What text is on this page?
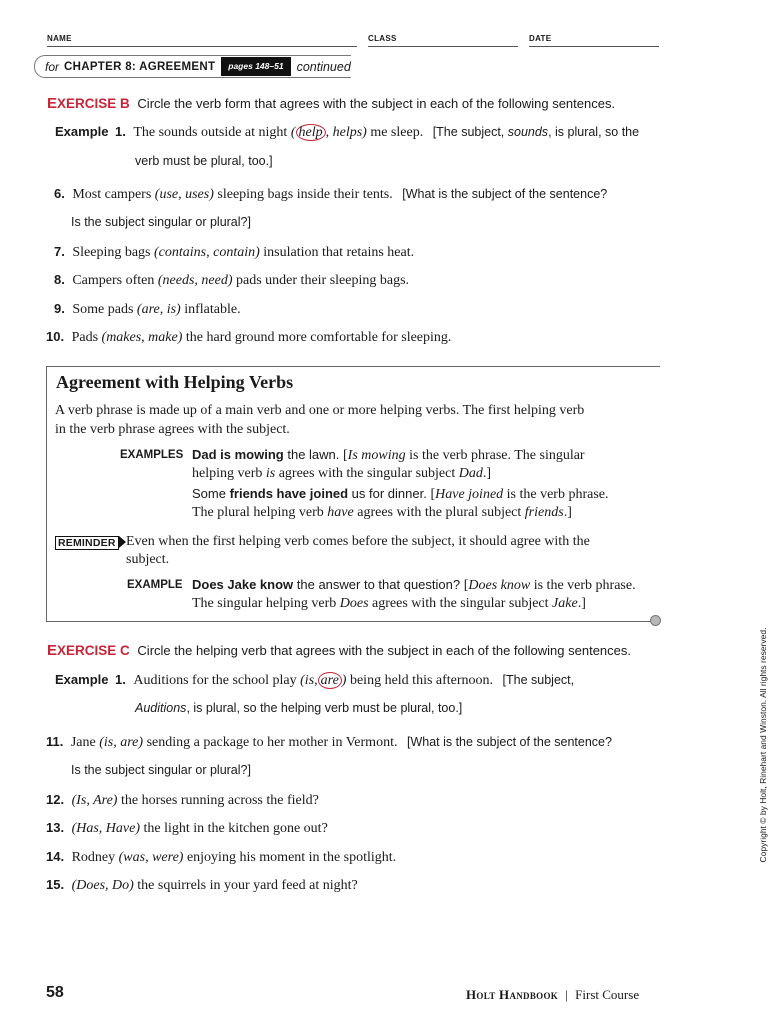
NAME	CLASS	DATE
for CHAPTER 8: AGREEMENT	pages 148–51	continued
EXERCISE B Circle the verb form that agrees with the subject in each of the following sentences.
Example 1. The sounds outside at night ( help , helps) me sleep. [The subject, sounds, is plural, so the
verb must be plural, too.]
6. Most campers (use, uses) sleeping bags inside their tents. [What is the subject of the sentence?
Is the subject singular or plural?]
7. Sleeping bags (contains, contain) insulation that retains heat.
8. Campers often (needs, need) pads under their sleeping bags.
9. Some pads (are, is) inflatable.
10. Pads (makes, make) the hard ground more comfortable for sleeping.
Agreement with Helping Verbs
A verb phrase is made up of a main verb and one or more helping verbs. The first helping verb
in the verb phrase agrees with the subject.
EXAMPLES Dad is mowing the lawn. [Is mowing is the verb phrase. The singular
helping verb is agrees with the singular subject Dad.]
Some friends have joined us for dinner. [Have joined is the verb phrase.
The plural helping verb have agrees with the plural subject friends.]
REMINDER Even when the first helping verb comes before the subject, it should agree with the
subject.
EXAMPLE Does Jake know the answer to that question? [Does know is the verb phrase.
The singular helping verb Does agrees with the singular subject Jake.]
EXERCISE C Circle the helping verb that agrees with the subject in each of the following sentences.
Example 1. Auditions for the school play (is, are ) being held this afternoon. [The subject,
Auditions, is plural, so the helping verb must be plural, too.]
11. Jane (is, are) sending a package to her mother in Vermont. [What is the subject of the sentence?
Is the subject singular or plural?]
12. (Is, Are) the horses running across the field?
13. (Has, Have) the light in the kitchen gone out?
14. Rodney (was, were) enjoying his moment in the spotlight.
15. (Does, Do) the squirrels in your yard feed at night?
Copyright © by Holt, Rinehart and Winston. All rights reserved.
58	Holt Handbook | First Course
